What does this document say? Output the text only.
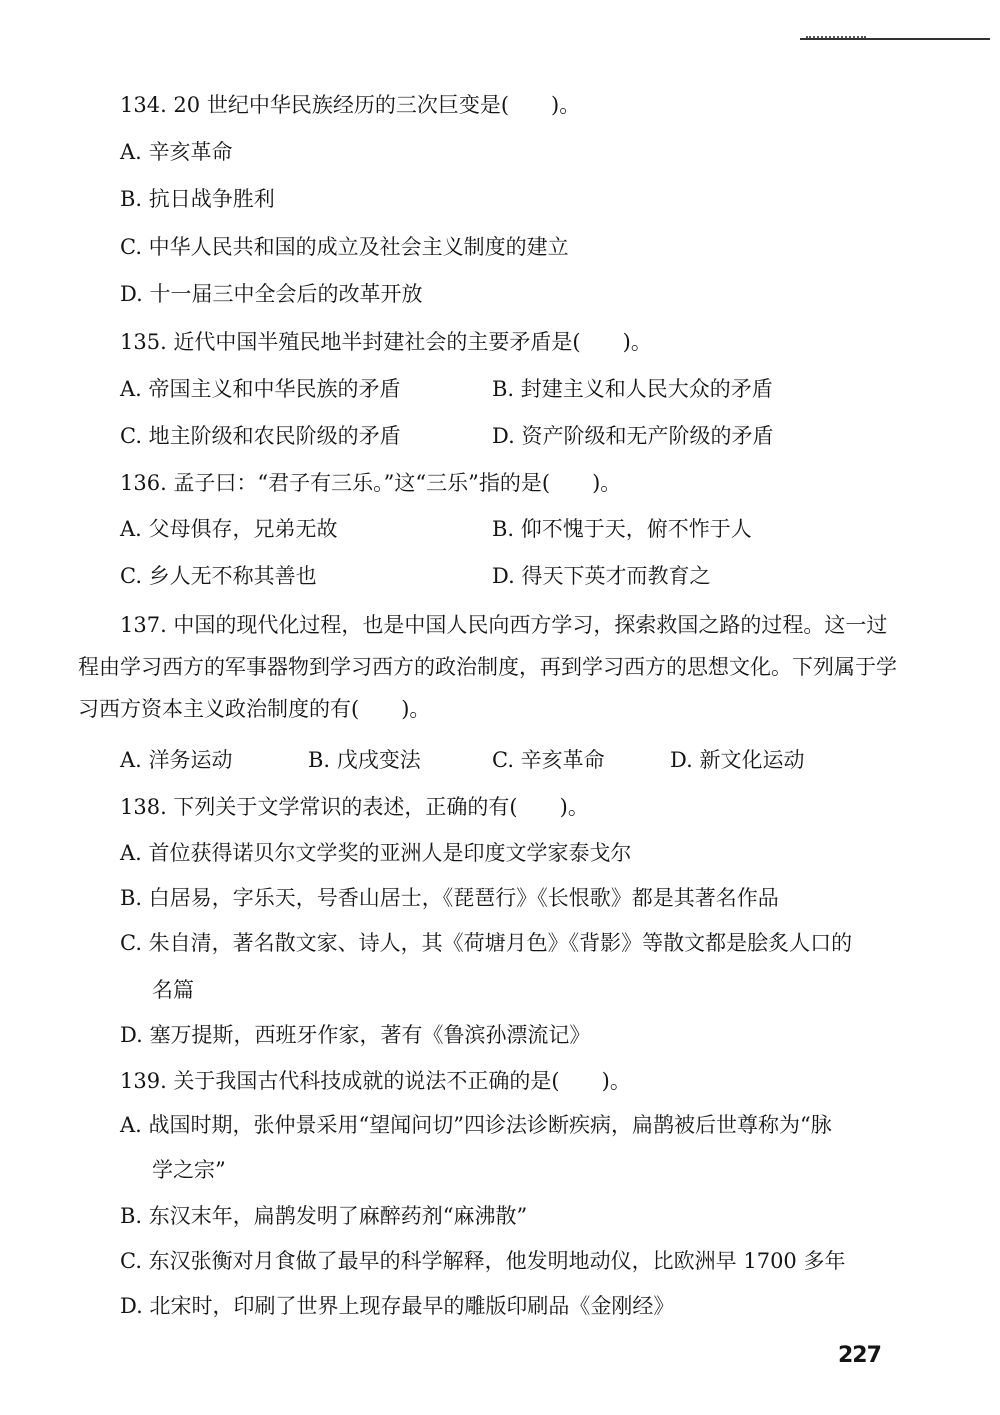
134. 20 世纪中华民族经历的三次巨变是(　　)。
A. 辛亥革命
B. 抗日战争胜利
C. 中华人民共和国的成立及社会主义制度的建立
D. 十一届三中全会后的改革开放
135. 近代中国半殖民地半封建社会的主要矛盾是(　　)。
A. 帝国主义和中华民族的矛盾	B. 封建主义和人民大众的矛盾
C. 地主阶级和农民阶级的矛盾	D. 资产阶级和无产阶级的矛盾
136. 孟子曰：“君子有三乐。”这“三乐”指的是(　　)。
A. 父母俱存，兄弟无故	B. 仰不愧于天，俯不怍于人
C. 乡人无不称其善也	D. 得天下英才而教育之
137. 中国的现代化过程，也是中国人民向西方学习，探索救国之路的过程。这一过程由学习西方的军事器物到学习西方的政治制度，再到学习西方的思想文化。下列属于学习西方资本主义政治制度的有(　　)。
A. 洋务运动	B. 戊戌变法	C. 辛亥革命	D. 新文化运动
138. 下列关于文学常识的表述，正确的有(　　)。
A. 首位获得诺贝尔文学奖的亚洲人是印度文学家泰戈尔
B. 白居易，字乐天，号香山居士，《琵琶行》《长恨歌》都是其著名作品
C. 朱自清，著名散文家、诗人，其《荷塘月色》《背影》等散文都是脍炙人口的
名篇
D. 塞万提斯，西班牙作家，著有《鲁滨孙漂流记》
139. 关于我国古代科技成就的说法不正确的是(　　)。
A. 战国时期，张仲景采用“望闻问切”四诊法诊断疾病，扁鹊被后世尊称为“脉
学之宗”
B. 东汉末年，扁鹊发明了麻醉药剂“麻沸散”
C. 东汉张衡对月食做了最早的科学解释，他发明地动仪，比欧洲早 1700 多年
D. 北宋时，印刷了世界上现存最早的雕版印刷品《金刚经》
227
